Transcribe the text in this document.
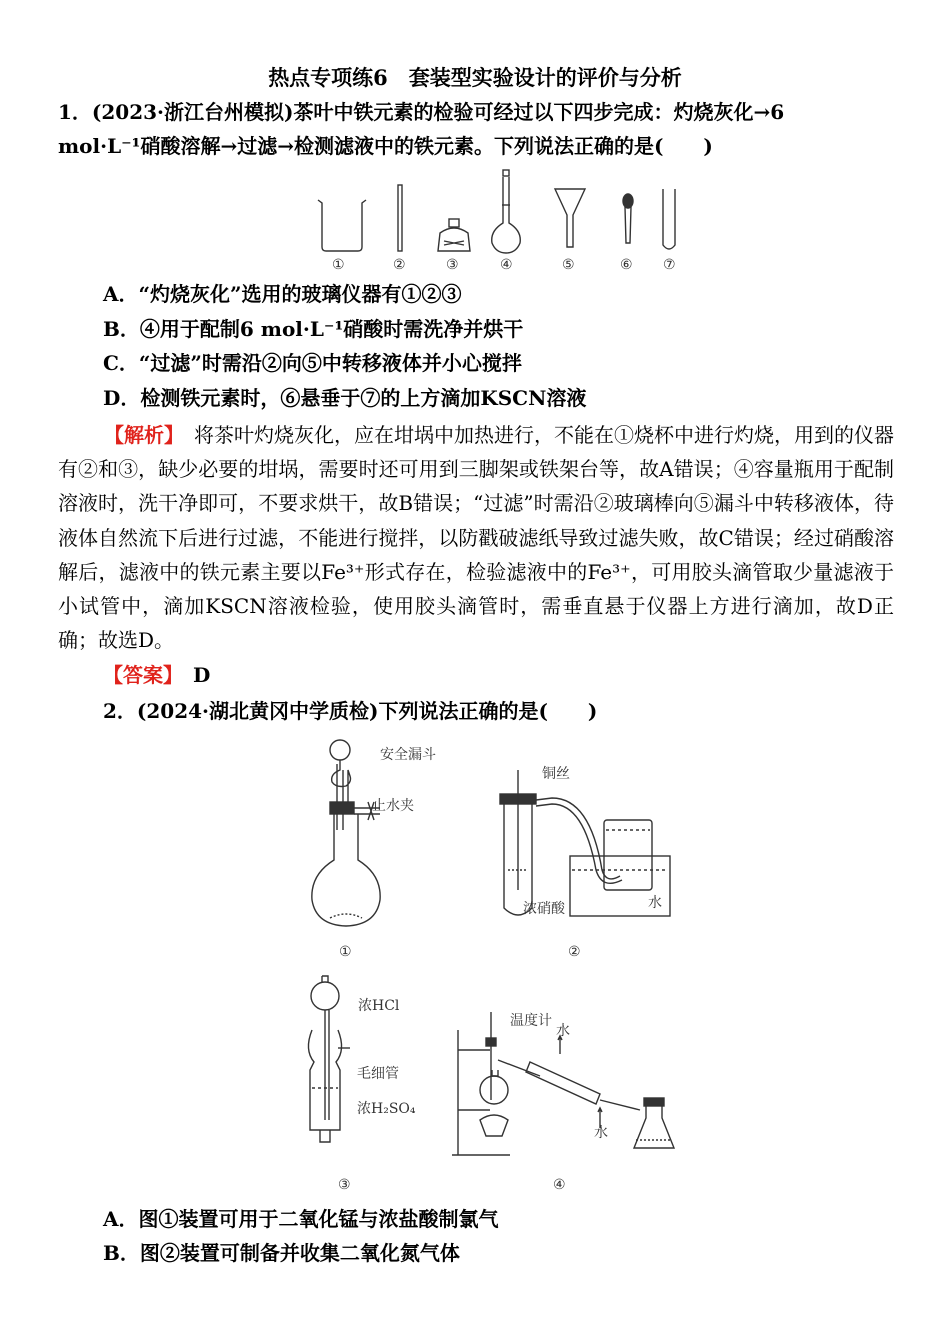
热点专项练6　套装型实验设计的评价与分析
1．(2023·浙江台州模拟)茶叶中铁元素的检验可经过以下四步完成：灼烧灰化→6
mol·L⁻¹硝酸溶解→过滤→检测滤液中的铁元素。下列说法正确的是(　　)
①	②	③	④	⑤	⑥ ⑦
A．“灼烧灰化”选用的玻璃仪器有①②③
B．④用于配制6 mol·L⁻¹硝酸时需洗净并烘干
C．“过滤”时需沿②向⑤中转移液体并小心搅拌
D．检测铁元素时，⑥悬垂于⑦的上方滴加KSCN溶液
【解析】　 将茶叶灼烧灰化，应在坩埚中加热进行，不能在①烧杯中进行灼烧，用到的仪器有②和③，缺少必要的坩埚，需要时还可用到三脚架或铁架台等，故A错误；④容量瓶用于配制溶液时，洗干净即可，不要求烘干，故B错误；“过滤”时需沿②玻璃棒向⑤漏斗中转移液体，待液体自然流下后进行过滤，不能进行搅拌，以防戳破滤纸导致过滤失败，故C错误；经过硝酸溶解后，滤液中的铁元素主要以Fe³⁺形式存在，检验滤液中的Fe³⁺，可用胶头滴管取少量滤液于小试管中，滴加KSCN溶液检验，使用胶头滴管时，需垂直悬于仪器上方进行滴加，故D正确；故选D。
【答案】　 D
2．(2024·湖北黄冈中学质检)下列说法正确的是(　　)
安全漏斗
止水夹
①
铜丝
浓硝酸	水
②
浓HCl
毛细管
浓H₂SO₄
③
温度计
水
水
④
A．图①装置可用于二氧化锰与浓盐酸制氯气
B．图②装置可制备并收集二氧化氮气体
